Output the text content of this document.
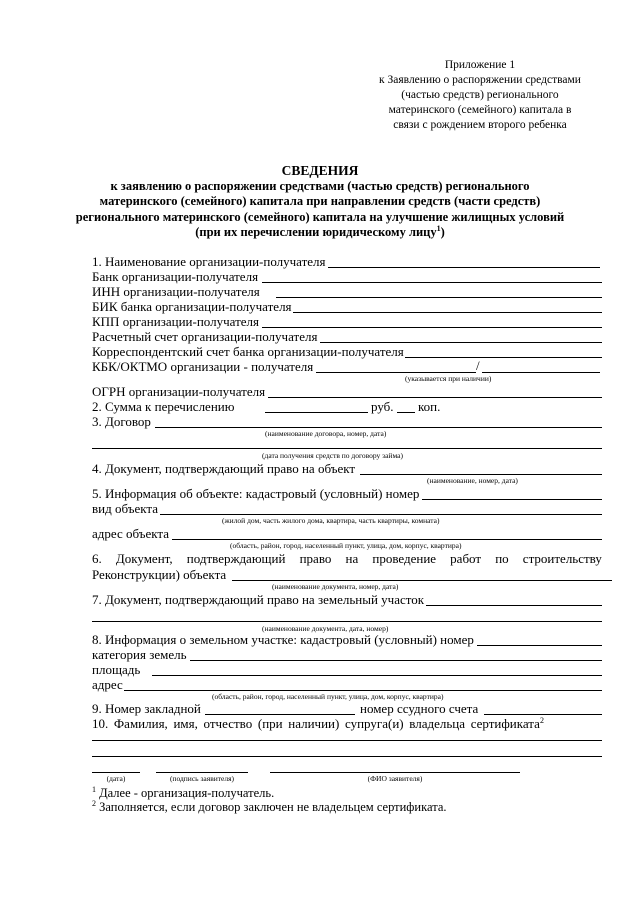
Приложение 1
к Заявлению о распоряжении средствами
(частью средств) регионального
материнского (семейного) капитала в
связи с рождением второго ребенка
СВЕДЕНИЯ
к заявлению о распоряжении средствами (частью средств) регионального
материнского (семейного) капитала при направлении средств (части средств)
регионального материнского (семейного) капитала на улучшение жилищных условий
(при их перечислении юридическому лицу$^1$)
1. Наименование организации-получателя
Банк организации-получателя
ИНН организации-получателя
БИК банка организации-получателя
КПП организации-получателя
Расчетный счет организации-получателя
Корреспондентский счет банка организации-получателя
КБК/ОКТМО организации - получателя	/
(указывается при наличии)
ОГРН организации-получателя
2. Сумма к перечислению	руб. коп.
3. Договор
(наименование договора, номер, дата)
(дата получения средств по договору займа)
4. Документ, подтверждающий право на объект
(наименование, номер, дата)
5. Информация об объекте: кадастровый (условный) номер
вид объекта
(жилой дом, часть жилого дома, квартира, часть квартиры, комната)
адрес объекта
(область, район, город, населенный пункт, улица, дом, корпус, квартира)
6. Документ, подтверждающий право на проведение работ по строительству
Реконструкции) объекта
(наименование документа, номер, дата)
7. Документ, подтверждающий право на земельный участок
(наименование документа, дата, номер)
8. Информация о земельном участке: кадастровый (условный) номер
категория земель
площадь
адрес
(область, район, город, населенный пункт, улица, дом, корпус, квартира)
9. Номер закладной	номер ссудного счета
10. Фамилия, имя, отчество (при наличии) супруга(и) владельца сертификата 2
(дата)	(подпись заявителя)	(ФИО заявителя)
$^1$ Далее - организация-получатель.
$^2$ Заполняется, если договор заключен не владельцем сертификата.
